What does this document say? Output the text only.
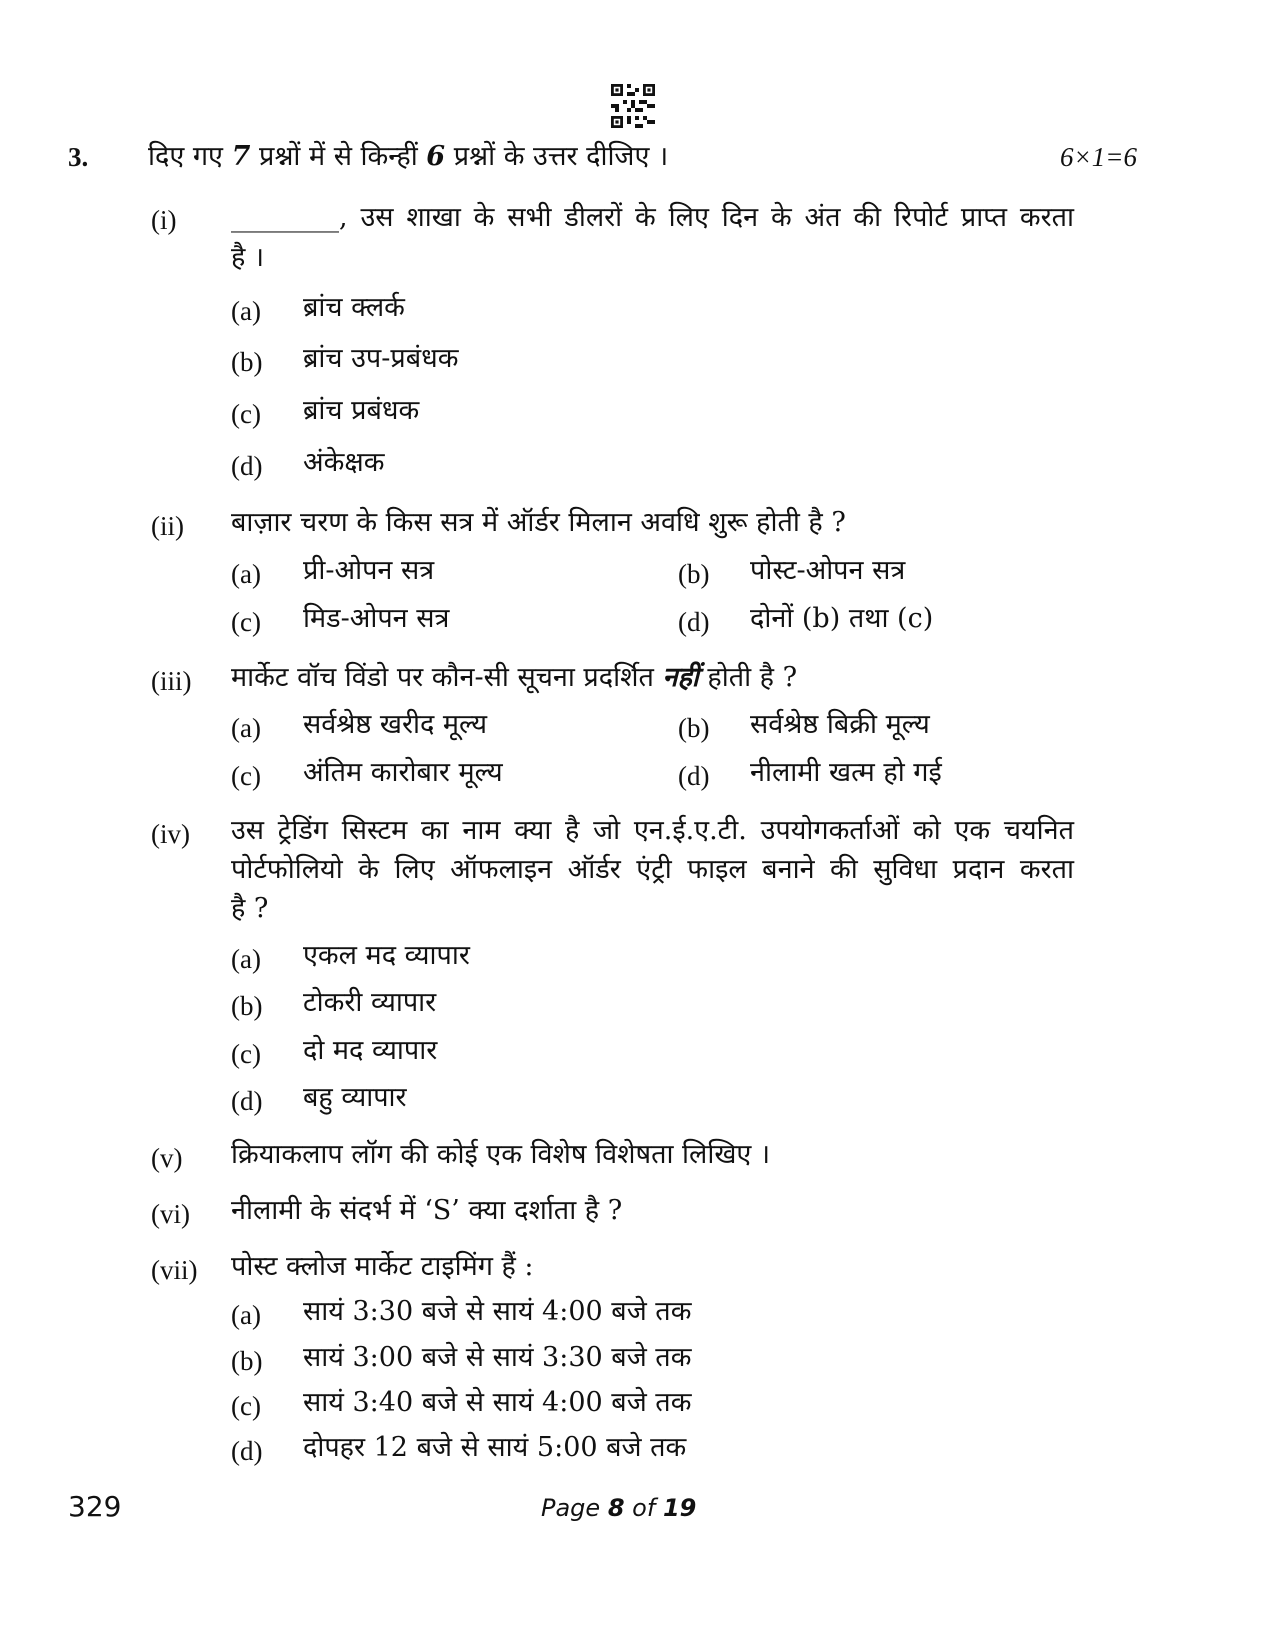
3. दिए गए 7 प्रश्नों में से किन्हीं 6 प्रश्नों के उत्तर दीजिए ।	6×1=6
(i) ________, उस शाखा के सभी डीलरों के लिए दिन के अंत की रिपोर्ट प्राप्त करता
है ।
(a) ब्रांच क्लर्क
(b) ब्रांच उप-प्रबंधक
(c) ब्रांच प्रबंधक
(d) अंकेक्षक
(ii) बाज़ार चरण के किस सत्र में ऑर्डर मिलान अवधि शुरू होती है ?
(a) प्री-ओपन सत्र	(b) पोस्ट-ओपन सत्र
(c) मिड-ओपन सत्र	(d) दोनों (b) तथा (c)
(iii) मार्केट वॉच विंडो पर कौन-सी सूचना प्रदर्शित नहीं होती है ?
(a) सर्वश्रेष्ठ खरीद मूल्य	(b) सर्वश्रेष्ठ बिक्री मूल्य
(c) अंतिम कारोबार मूल्य	(d) नीलामी खत्म हो गई
(iv) उस ट्रेडिंग सिस्टम का नाम क्या है जो एन.ई.ए.टी. उपयोगकर्ताओं को एक चयनित
पोर्टफोलियो के लिए ऑफलाइन ऑर्डर एंट्री फाइल बनाने की सुविधा प्रदान करता
है ?
(a) एकल मद व्यापार
(b) टोकरी व्यापार
(c) दो मद व्यापार
(d) बहु व्यापार
(v) क्रियाकलाप लॉग की कोई एक विशेष विशेषता लिखिए ।
(vi) नीलामी के संदर्भ में ‘S’ क्या दर्शाता है ?
(vii) पोस्ट क्लोज मार्केट टाइमिंग हैं :
(a) सायं 3:30 बजे से सायं 4:00 बजे तक
(b) सायं 3:00 बजे से सायं 3:30 बजे तक
(c) सायं 3:40 बजे से सायं 4:00 बजे तक
(d) दोपहर 12 बजे से सायं 5:00 बजे तक
329	Page 8 of 19
